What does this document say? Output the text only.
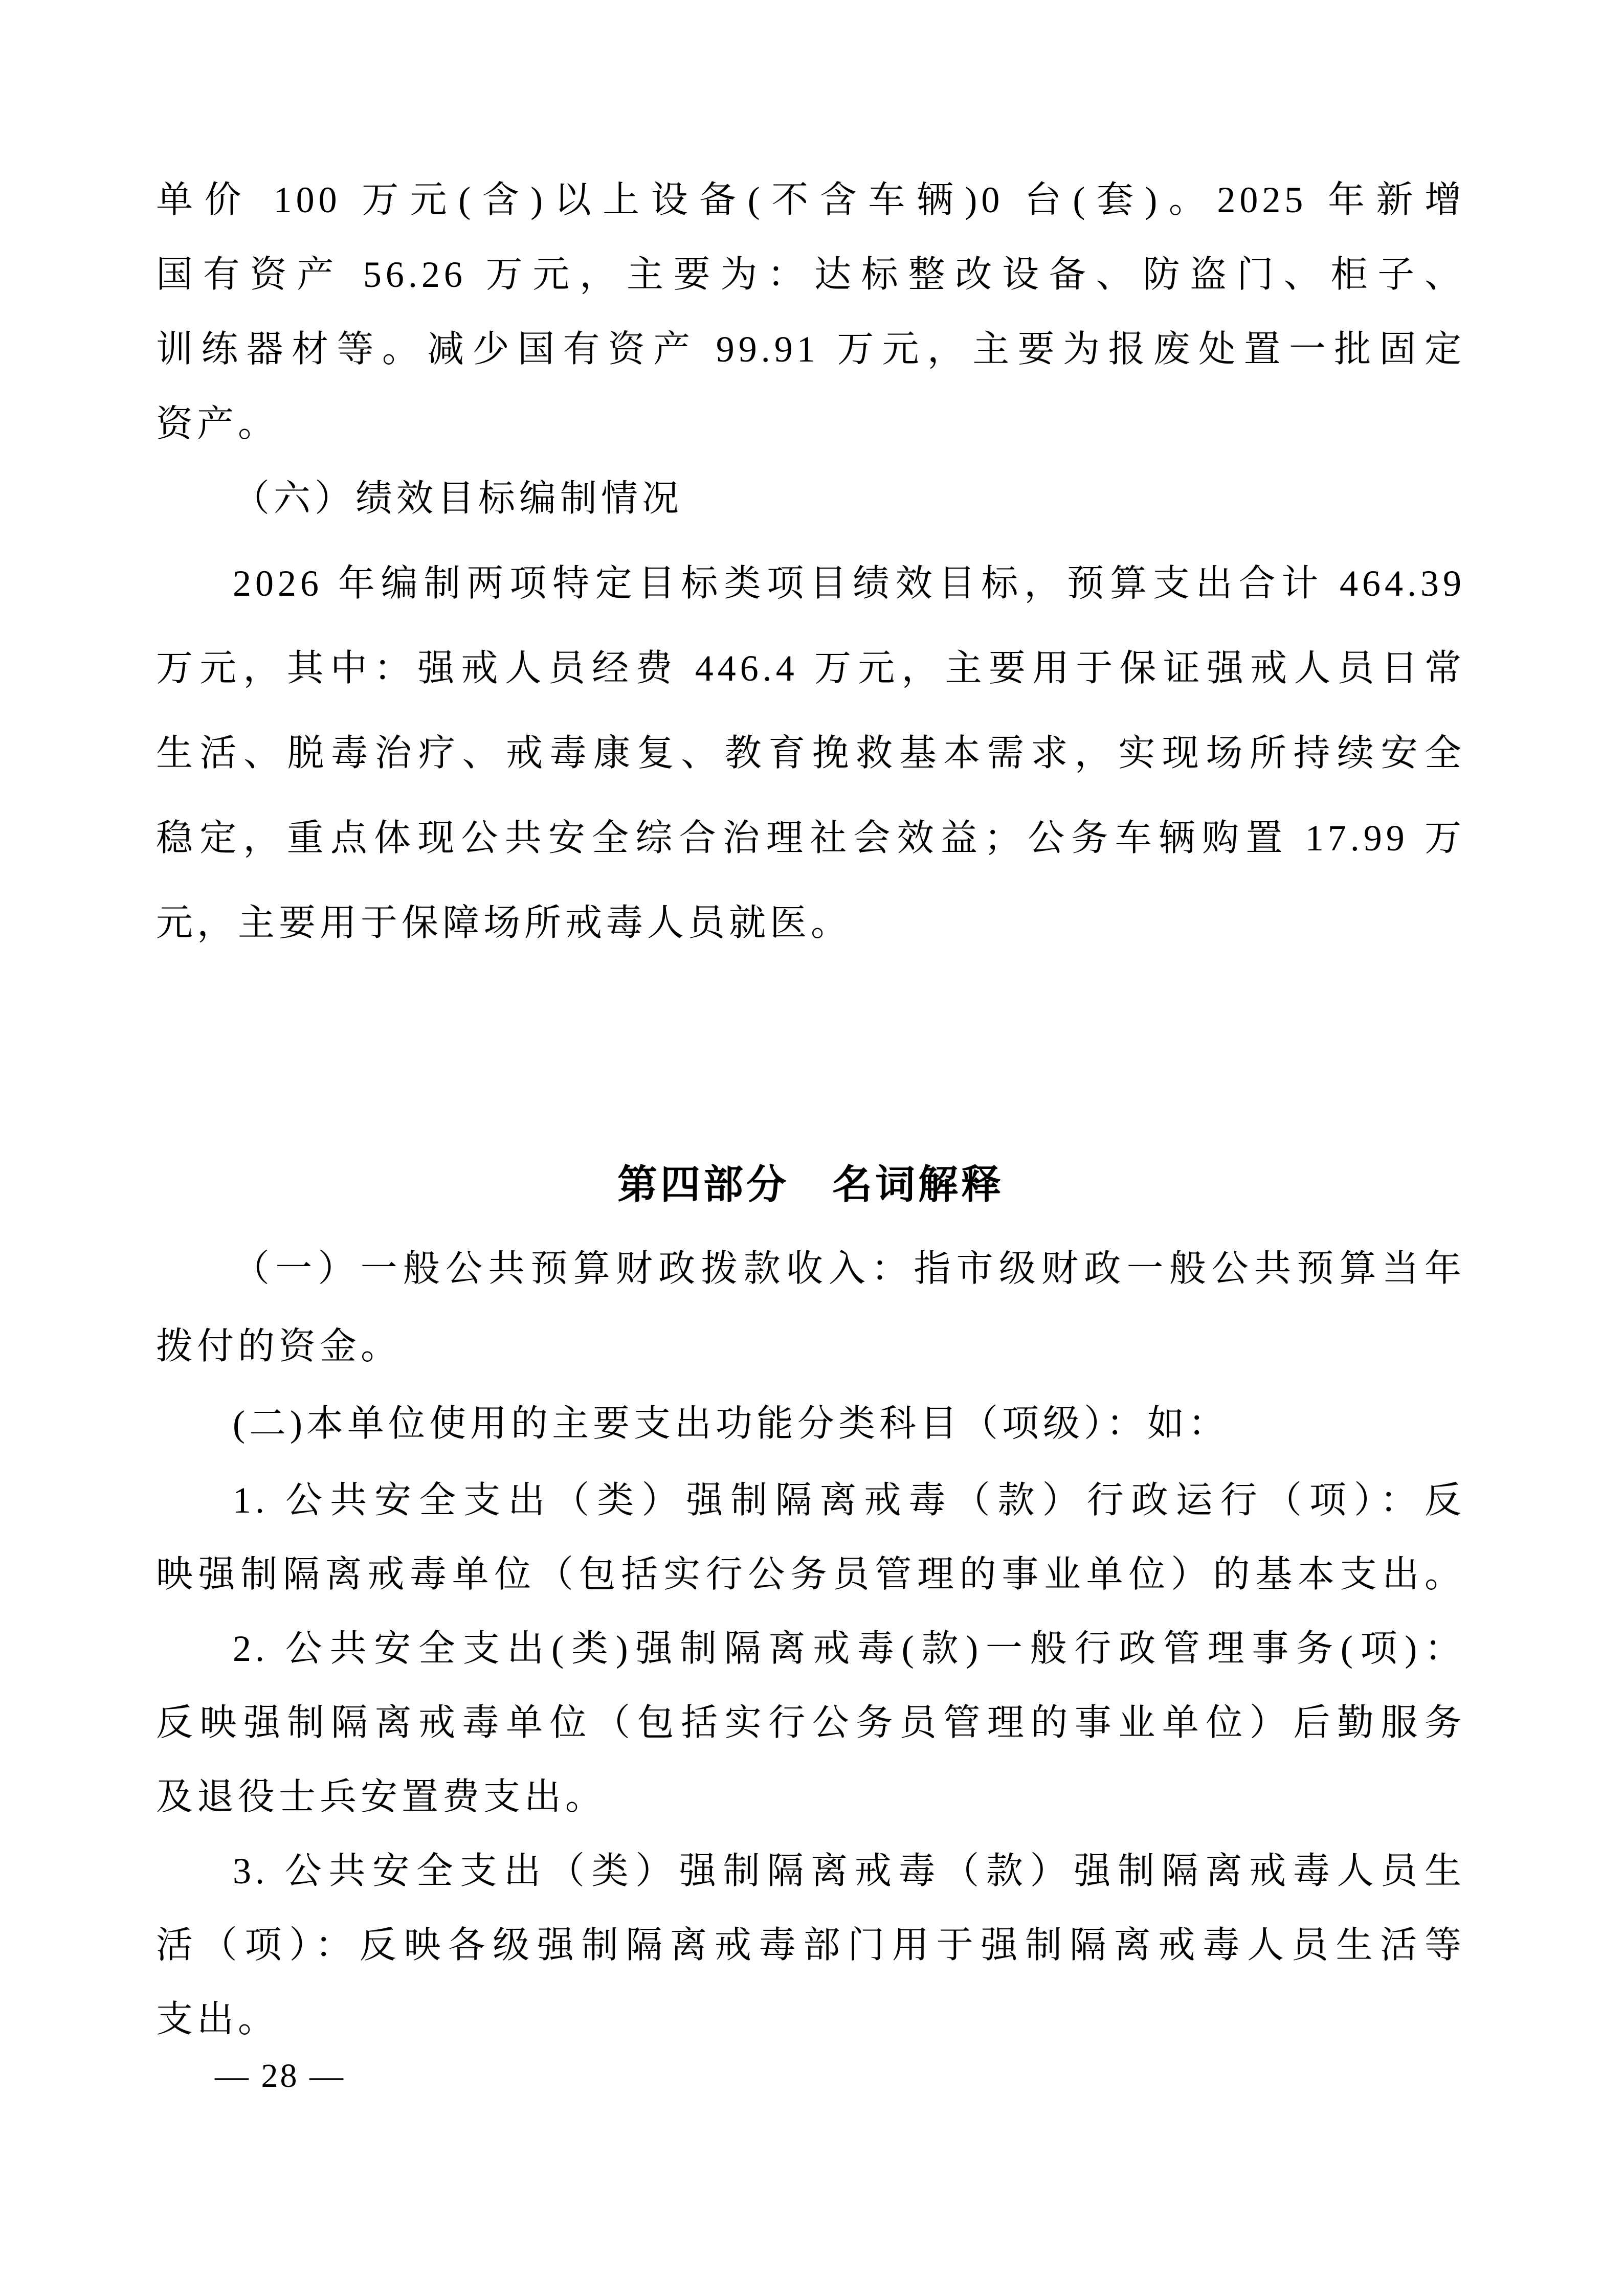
单价 100 万元(含)以上设备(不含车辆)0 台(套)。2025 年新增
国有资产 56.26 万元，主要为：达标整改设备、防盗门、柜子、
训练器材等。减少国有资产 99.91 万元，主要为报废处置一批固定
资产。
（六）绩效目标编制情况
2026 年编制两项特定目标类项目绩效目标，预算支出合计 464.39
万元，其中：强戒人员经费 446.4 万元，主要用于保证强戒人员日常
生活、脱毒治疗、戒毒康复、教育挽救基本需求，实现场所持续安全
稳定，重点体现公共安全综合治理社会效益；公务车辆购置 17.99 万
元，主要用于保障场所戒毒人员就医。
第四部分　名词解释
（一）一般公共预算财政拨款收入：指市级财政一般公共预算当年
拨付的资金。
(二)本单位使用的主要支出功能分类科目（项级）：如：
1. 公共安全支出（类）强制隔离戒毒（款）行政运行（项）：反
映强制隔离戒毒单位（包括实行公务员管理的事业单位）的基本支出。
2. 公共安全支出(类)强制隔离戒毒(款)一般行政管理事务(项)：
反映强制隔离戒毒单位（包括实行公务员管理的事业单位）后勤服务
及退役士兵安置费支出。
3. 公共安全支出（类）强制隔离戒毒（款）强制隔离戒毒人员生
活（项）：反映各级强制隔离戒毒部门用于强制隔离戒毒人员生活等
支出。
— 28 —
